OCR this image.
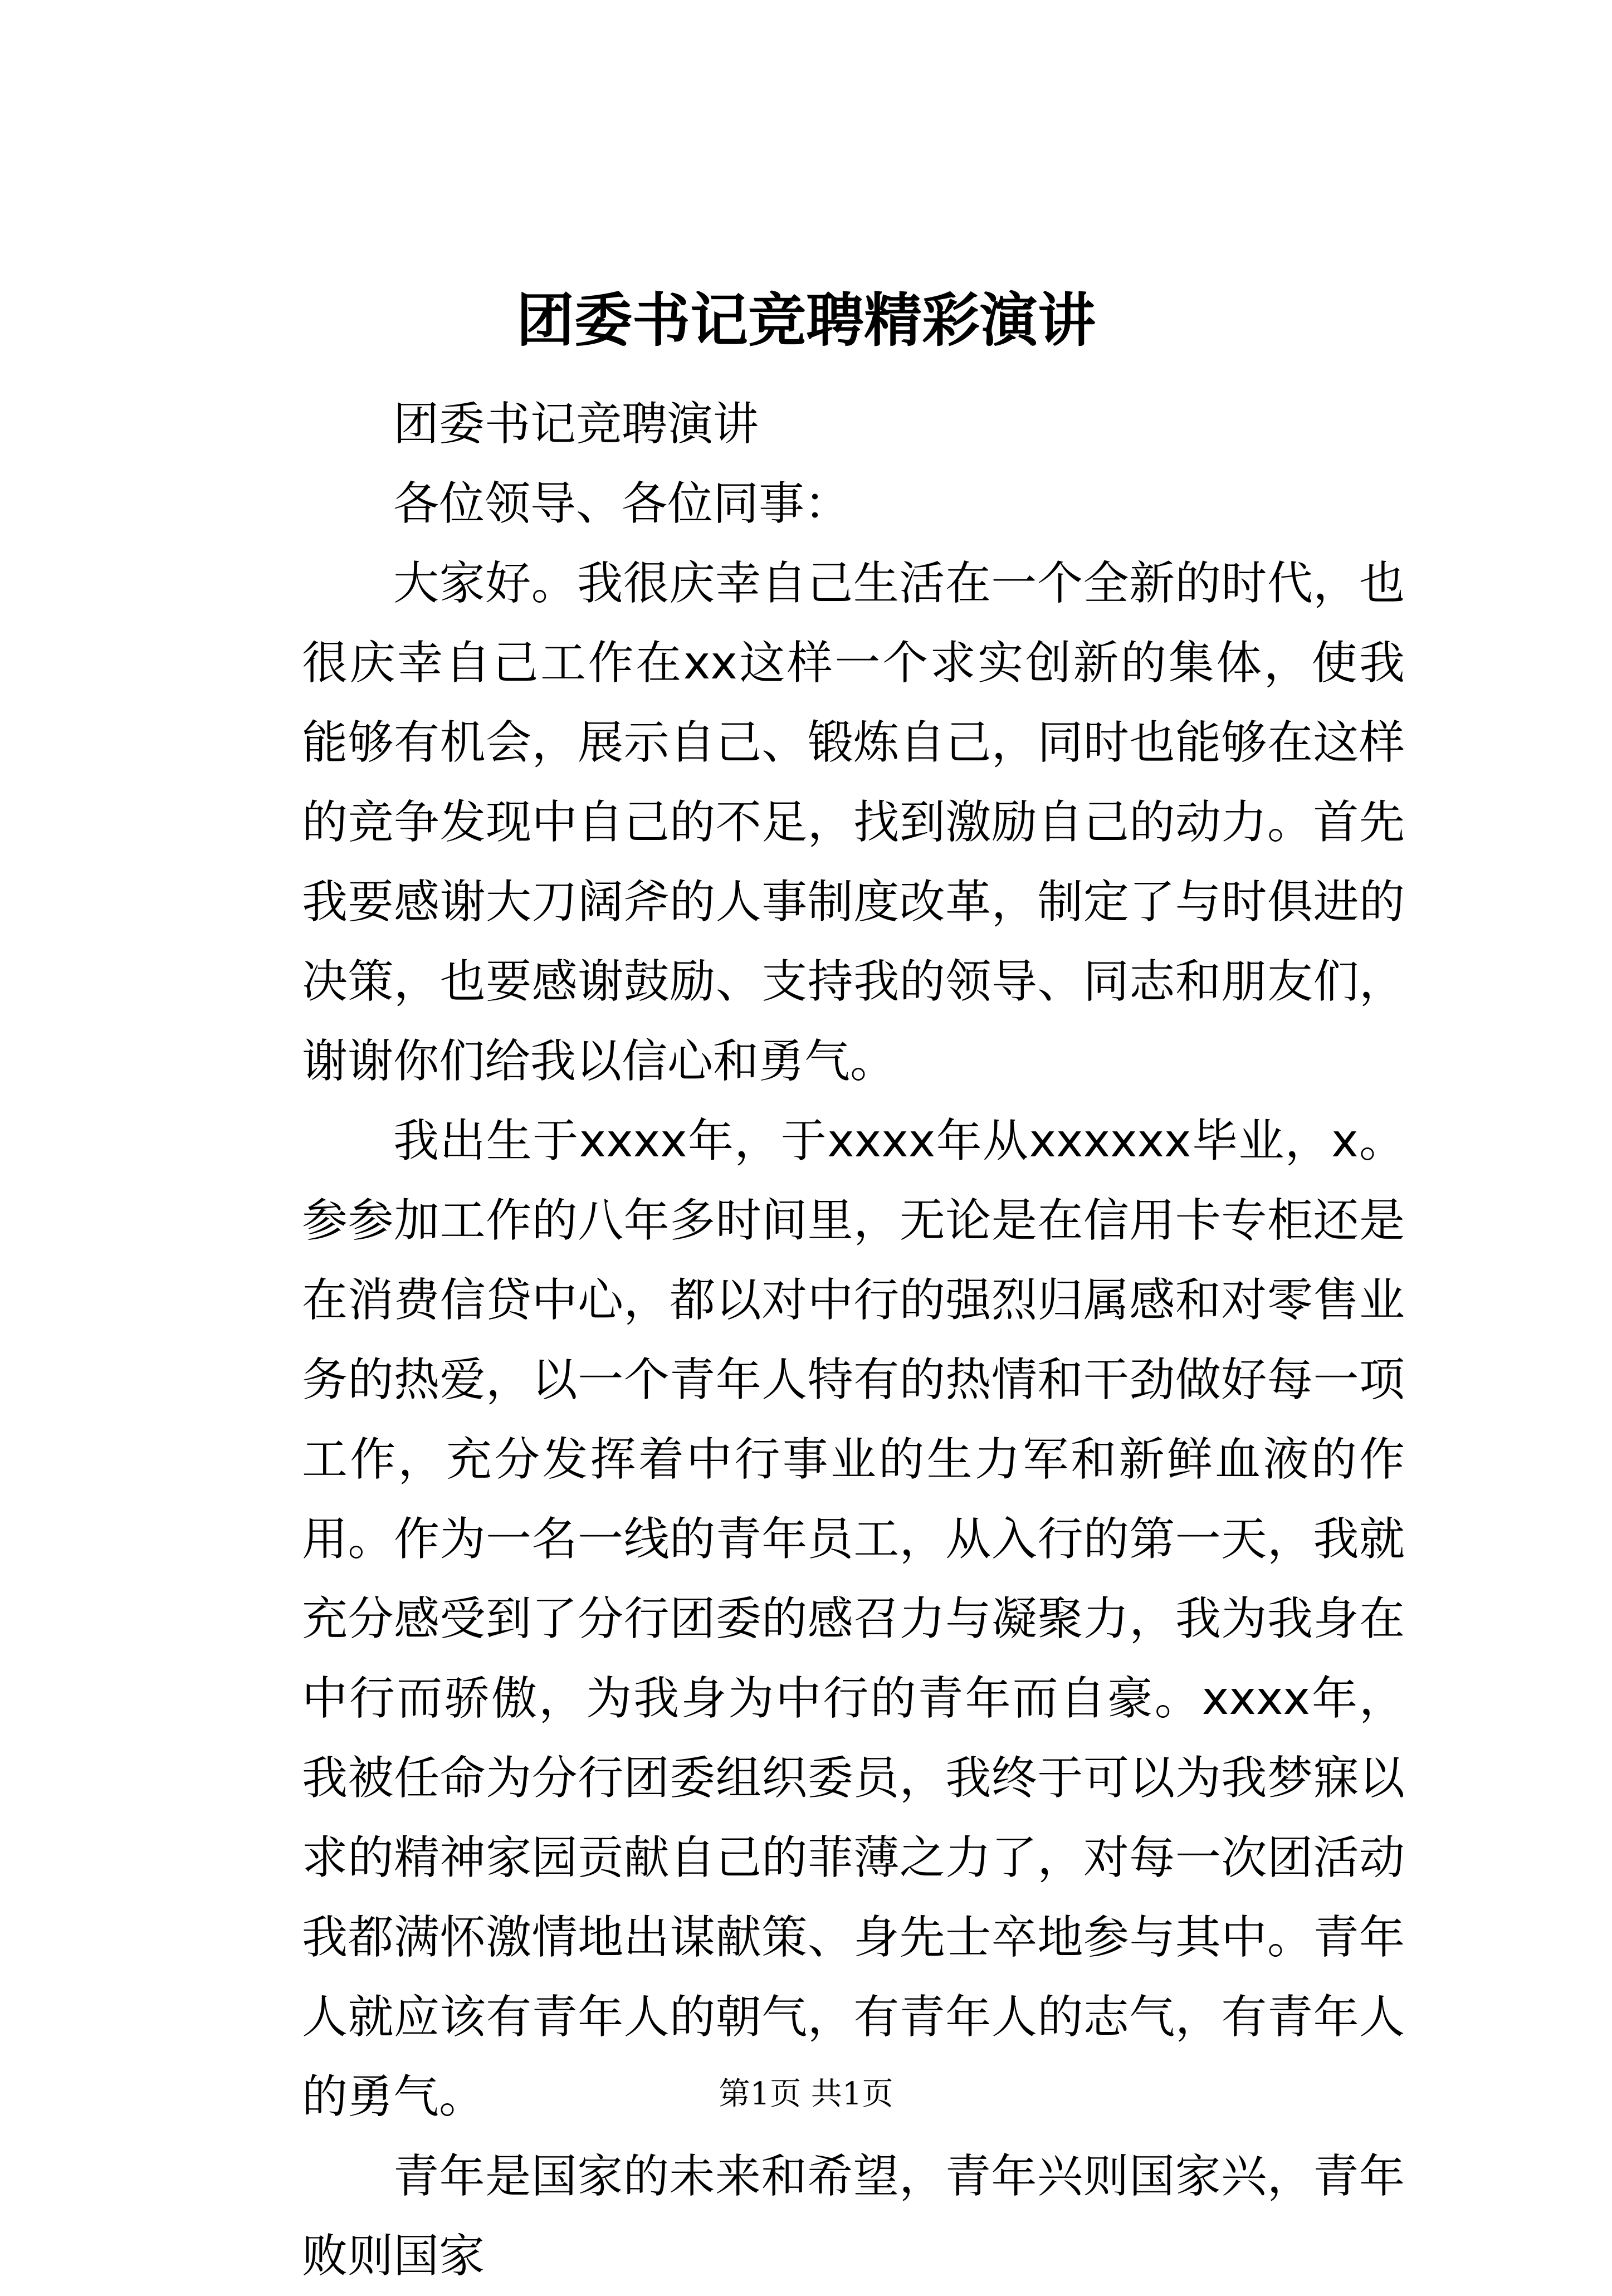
团委书记竞聘精彩演讲

团委书记竞聘演讲

各位领导、各位同事：

大家好。我很庆幸自己生活在一个全新的时代，也很庆幸自己工作在xx这样一个求实创新的集体，使我能够有机会，展示自己、锻炼自己，同时也能够在这样的竞争发现中自己的不足，找到激励自己的动力。首先我要感谢大刀阔斧的人事制度改革，制定了与时俱进的决策，也要感谢鼓励、支持我的领导、同志和朋友们，谢谢你们给我以信心和勇气。

我出生于xxxx年，于xxxx年从xxxxxx毕业，x。参参加工作的八年多时间里，无论是在信用卡专柜还是在消费信贷中心，都以对中行的强烈归属感和对零售业务的热爱，以一个青年人特有的热情和干劲做好每一项工作，充分发挥着中行事业的生力军和新鲜血液的作用。作为一名一线的青年员工，从入行的第一天，我就充分感受到了分行团委的感召力与凝聚力，我为我身在中行而骄傲，为我身为中行的青年而自豪。xxxx年，我被任命为分行团委组织委员，我终于可以为我梦寐以求的精神家园贡献自己的菲薄之力了，对每一次团活动我都满怀激情地出谋献策、身先士卒地参与其中。青年人就应该有青年人的朝气，有青年人的志气，有青年人的勇气。

青年是国家的未来和希望，青年兴则国家兴，青年败则国家

第1页 共1页
